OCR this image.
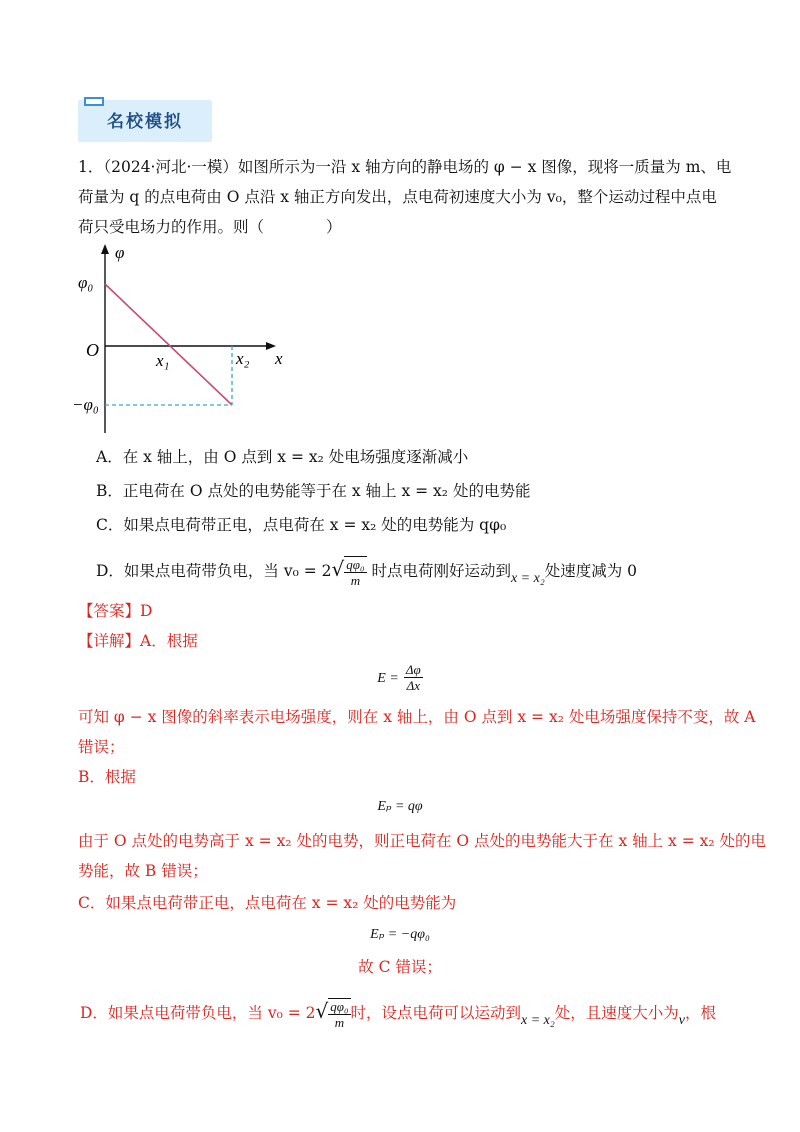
名校模拟
1．（2024·河北·一模）如图所示为一沿 x 轴方向的静电场的 φ − x 图像，现将一质量为 m、电
荷量为 q 的点电荷由 O 点沿 x 轴正方向发出，点电荷初速度大小为 v₀，整个运动过程中点电
荷只受电场力的作用。则（　　　　）
φ
x
O
φ₀
−φ₀
x₁	x₂
A．在 x 轴上，由 O 点到 x = x₂ 处电场强度逐渐减小
B．正电荷在 O 点处的电势能等于在 x 轴上 x = x₂ 处的电势能
C．如果点电荷带正电，点电荷在 x = x₂ 处的电势能为 qφ₀
D．如果点电荷带负电，当 $v_0 = 2√ \frac{\text{qφ₀}}{m}$ 时点电荷刚好运动到x = x₂处速度减为 0
【答案】D
【详解】A．根据
$E = \frac{\Delta\varphi}{\Delta x}$
可知 φ − x 图像的斜率表示电场强度，则在 x 轴上，由 O 点到 x = x₂ 处电场强度保持不变，故 A
错误；
B．根据
Eₚ = qφ
由于 O 点处的电势高于 x = x₂ 处的电势，则正电荷在 O 点处的电势能大于在 x 轴上 x = x₂ 处的电
势能，故 B 错误；
C．如果点电荷带正电，点电荷在 x = x₂ 处的电势能为
Eₚ = −qφ₀
故 C 错误；
D．如果点电荷带负电，当 $v_0 = 2√ \frac{\text{qφ₀}}{m}$ 时，设点电荷可以运动到x = x₂处，且速度大小为v，根
